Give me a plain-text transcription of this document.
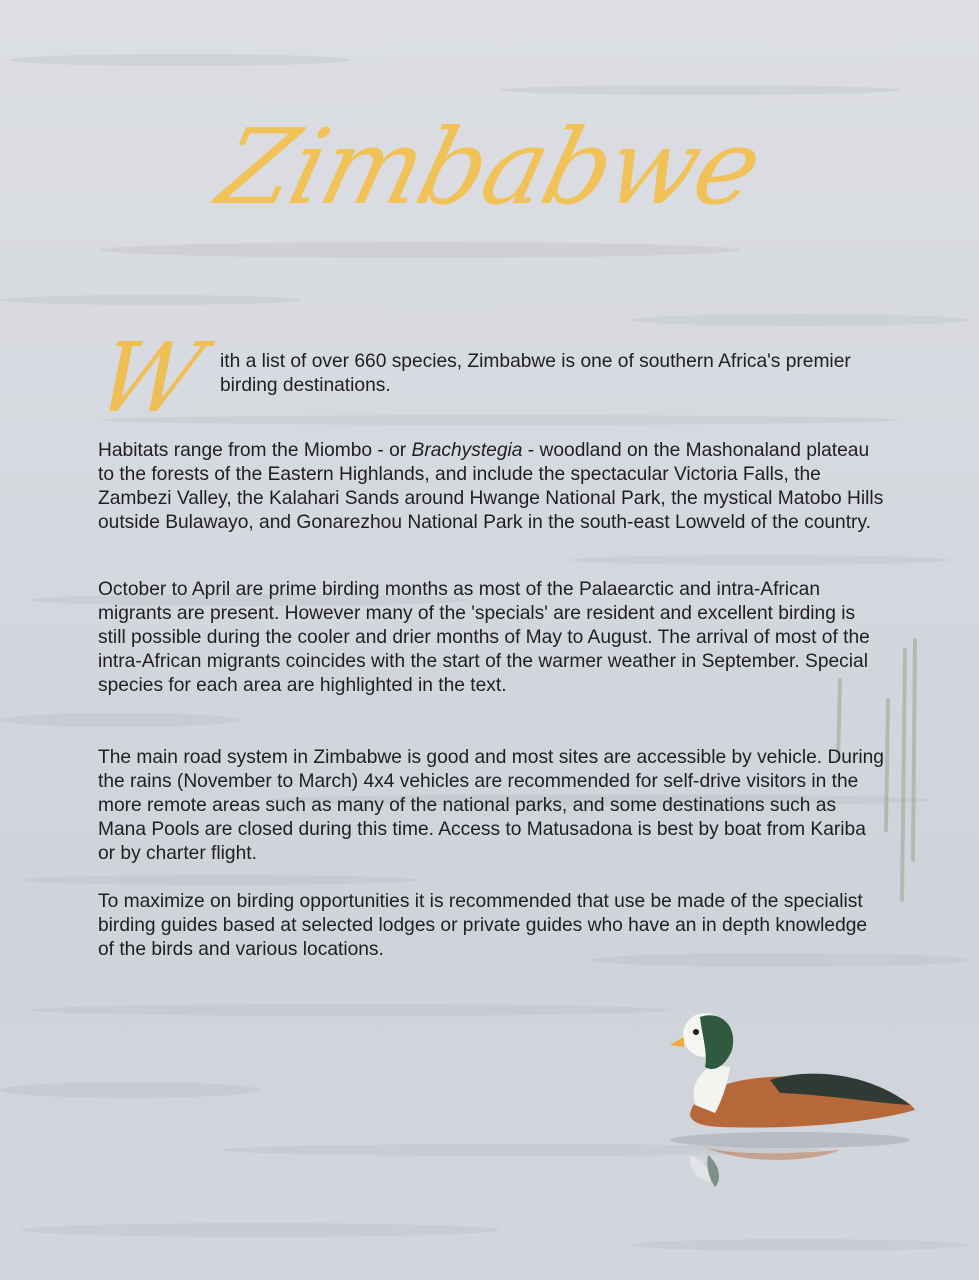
Zimbabwe
W ith a list of over 660 species, Zimbabwe is one of southern Africa's premier birding destinations.

Habitats range from the Miombo - or Brachystegia - woodland on the Mashonaland plateau to the forests of the Eastern Highlands, and include the spectacular Victoria Falls, the Zambezi Valley, the Kalahari Sands around Hwange National Park, the mystical Matobo Hills outside Bulawayo, and Gonarezhou National Park in the south-east Lowveld of the country.

October to April are prime birding months as most of the Palaearctic and intra-African migrants are present. However many of the 'specials' are resident and excellent birding is still possible during the cooler and drier months of May to August. The arrival of most of the intra-African migrants coincides with the start of the warmer weather in September. Special species for each area are highlighted in the text.

The main road system in Zimbabwe is good and most sites are accessible by vehicle. During the rains (November to March) 4x4 vehicles are recommended for self-drive visitors in the more remote areas such as many of the national parks, and some destinations such as Mana Pools are closed during this time. Access to Matusadona is best by boat from Kariba or by charter flight.

To maximize on birding opportunities it is recommended that use be made of the specialist birding guides based at selected lodges or private guides who have an in depth knowledge of the birds and various locations.
